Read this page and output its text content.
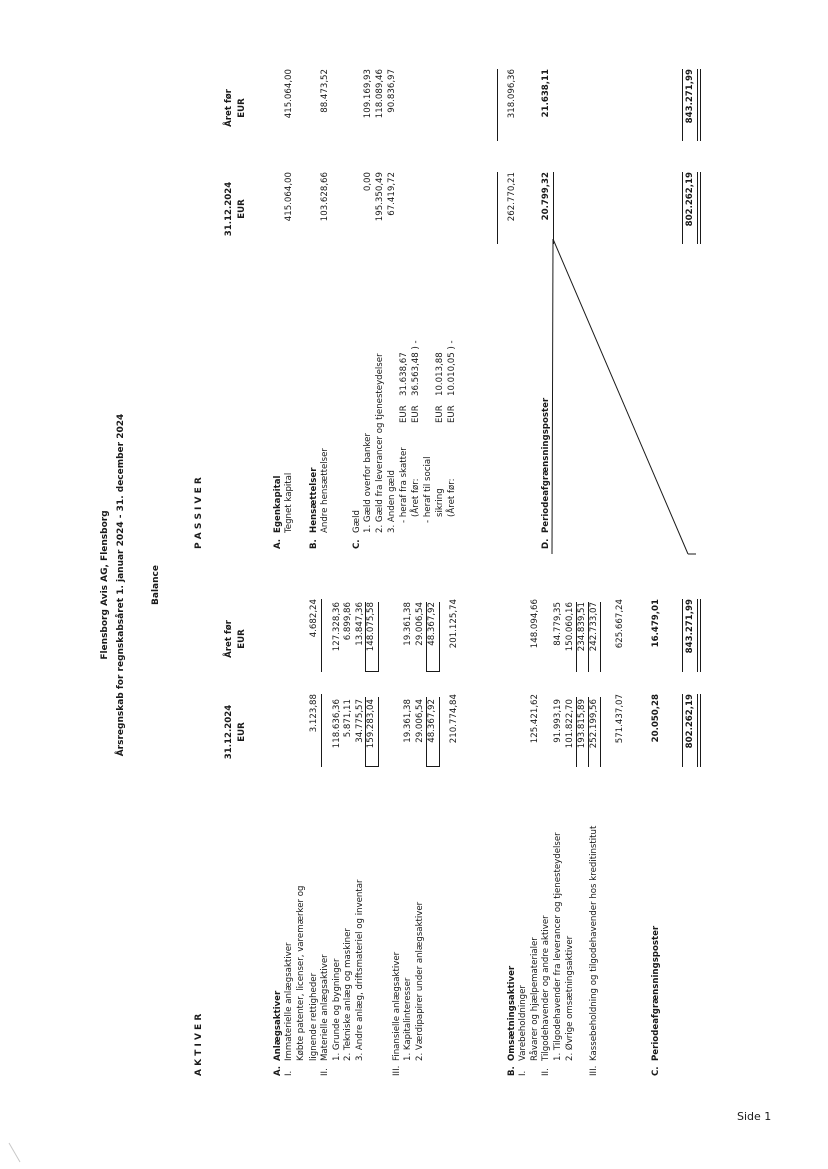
Flensborg Avis AG, Flensborg Årsregnskab for regnskabsåret 1. januar 2024 - 31. december 2024	Balance
A K T I V E R
31.12.2024 EUR
Året før EUR
P A S S I V E R
31.12.2024 EUR
Året før EUR
A.
Anlægsaktiver
I.
Immaterielle anlægsaktiver Købte patenter, licenser, varemærker og lignende rettigheder
3.123,88
4.682,24
II.
Materielle anlægsaktiver 1. Grunde og bygninger
118.636,36
127.328,36
2. Tekniske anlæg og maskiner
5.871,11
6.899,86
3. Andre anlæg, driftsmateriel og inventar
34.775,57
13.847,36
159.283,04
148.075,58
III.
Finansielle anlægsaktiver 1. Kapitalinteresser
19.361,38
19.361,38
2. Værdipapirer under anlægsaktiver
29.006,54
29.006,54
48.367,92
48.367,92
210.774,84
201.125,74
B.
Omsætningsaktiver
I.
Varebeholdninger Råvarer og hjælpematerialer
125.421,62
148.094,66
II.
Tilgodehavender og andre aktiver 1. Tilgodehavender fra leverancer og tjenesteydelser
91.993,19
84.779,35
2. Øvrige omsætningsaktiver
101.822,70
150.060,16
193.815,89
234.839,51
III.
Kassebeholdning og tilgodehavender hos kreditinstitut
252.199,56
242.733,07
571.437,07
625.667,24
C.
Periodeafgrænsningsposter
20.050,28
16.479,01
802.262,19
843.271,99
A.
Egenkapital Tegnet kapital
415.064,00
415.064,00
B.
Hensættelser Andre hensættelser
103.628,66
88.473,52
C.
Gæld 1. Gæld overfor banker
0,00
109.169,93
2. Gæld fra leverancer og tjenesteydelser
195.350,49
118.089,46
3. Anden gæld
67.419,72
90.836,97
- heraf fra skatter
EUR
31.638,67
(Året før:
EUR
36.563,48 ) -
- heraf til social sikring
EUR
10.013,88
(Året før:
EUR
10.010,05 ) -
262.770,21
318.096,36
D.
Periodeafgrænsningsposter
20.799,32
21.638,11
802.262,19
843.271,99
Side 1
